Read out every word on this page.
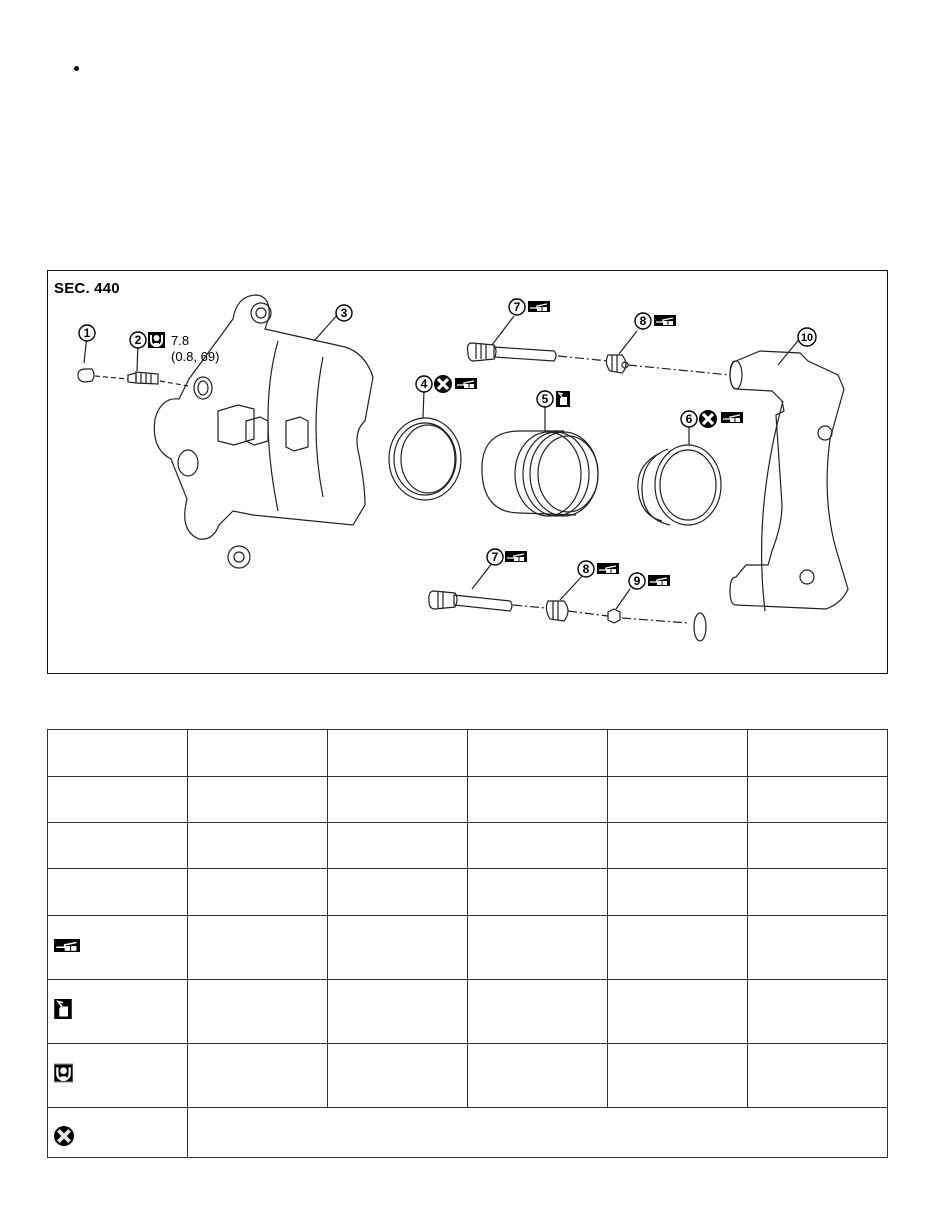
1	2
3
4
5
6
7
8
10
7
8
9
SEC. 440
7.8
(0.8, 69)
